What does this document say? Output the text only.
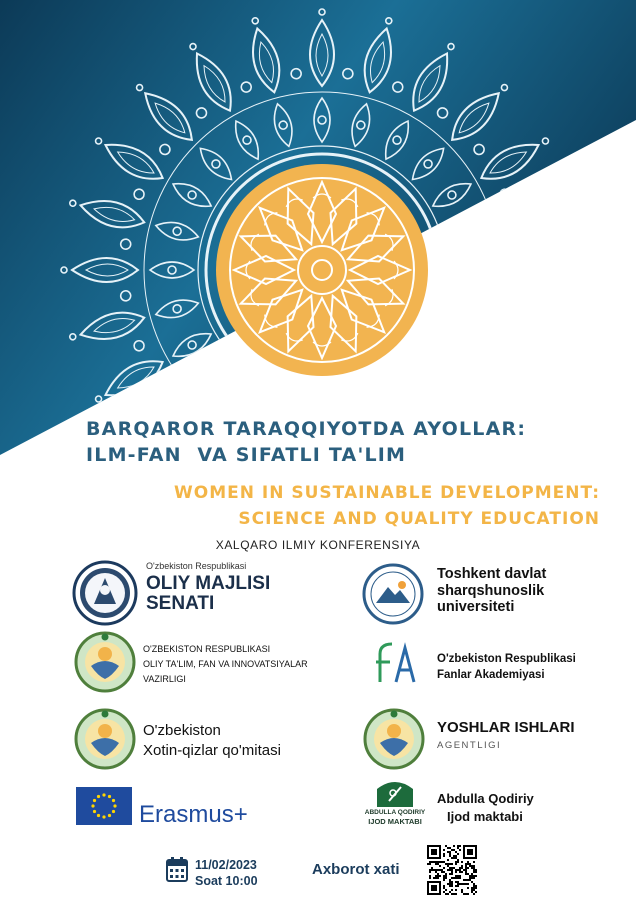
BARQAROR TARAQQIYOTDA AYOLLAR:
ILM-FAN  VA SIFATLI TA'LIM
WOMEN IN SUSTAINABLE DEVELOPMENT:
SCIENCE AND QUALITY EDUCATION

XALQARO ILMIY KONFERENSIYA

O'zbekiston Respublikasi
OLIY MAJLISI
SENATI
Toshkent davlat
sharqshunoslik
universiteti
O'ZBEKISTON RESPUBLIKASI
OLIY TA'LIM, FAN VA INNOVATSIYALAR
VAZIRLIGI
O'zbekiston Respublikasi
Fanlar Akademiyasi
O'zbekiston
Xotin-qizlar qo'mitasi
YOSHLAR ISHLARI
AGENTLIGI
Erasmus+	ABDULLA QODIRIY
IJOD MAKTABI
Abdulla Qodiriy
Ijod maktabi
11/02/2023
Soat 10:00
Axborot xati
